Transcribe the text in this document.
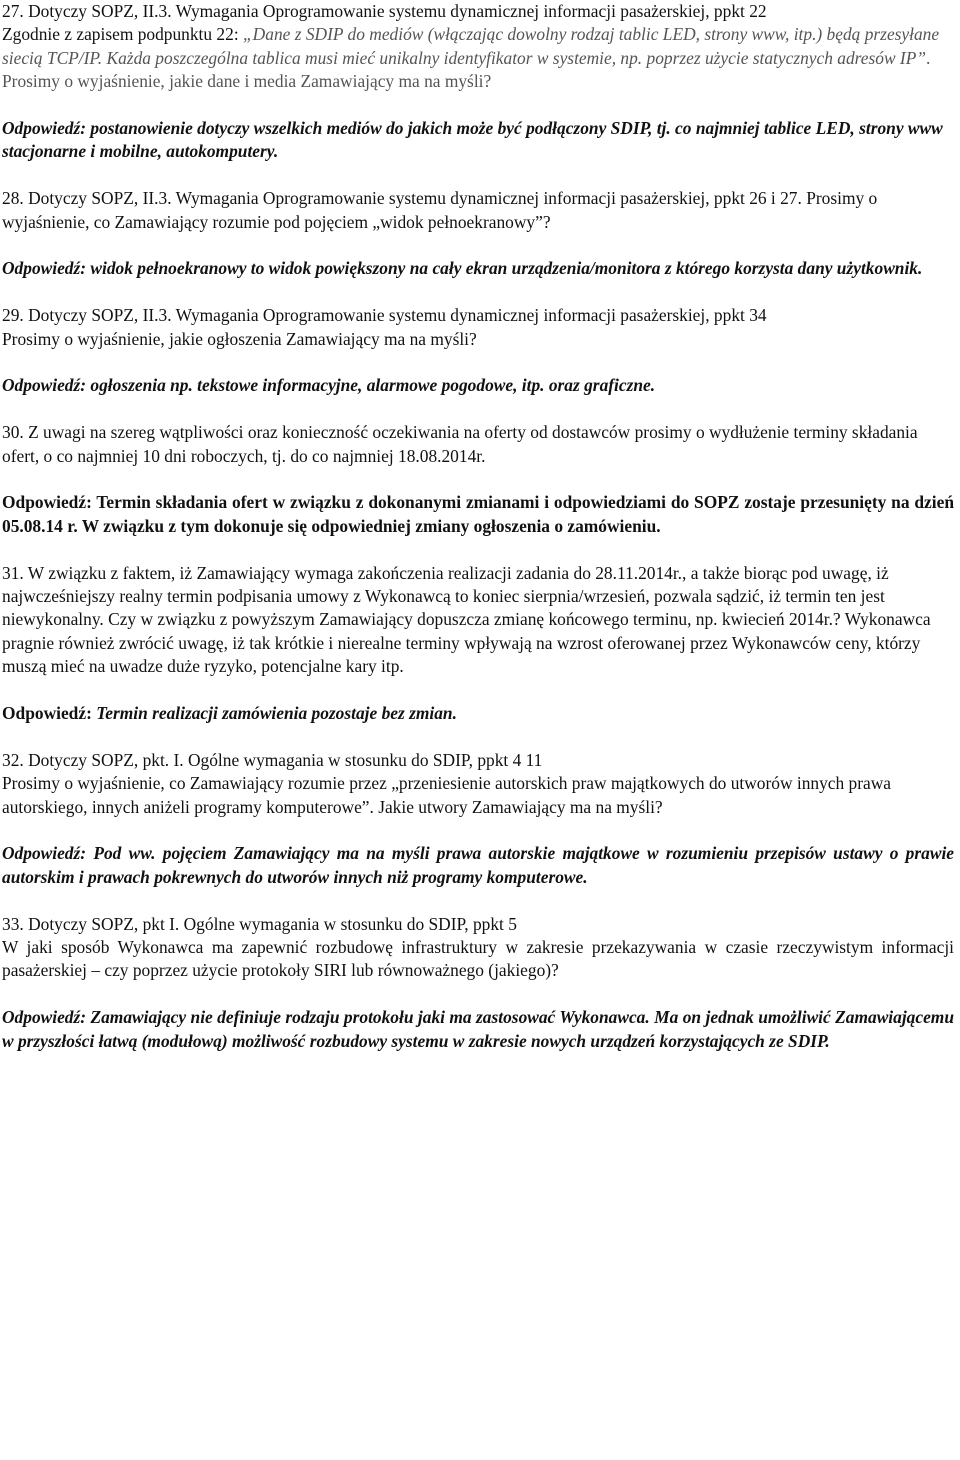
27. Dotyczy SOPZ, II.3. Wymagania Oprogramowanie systemu dynamicznej informacji pasażerskiej, ppkt 22
Zgodnie z zapisem podpunktu 22: „Dane z SDIP do mediów (włączając dowolny rodzaj tablic LED, strony www, itp.) będą przesyłane siecią TCP/IP. Każda poszczególna tablica musi mieć unikalny identyfikator w systemie, np. poprzez użycie statycznych adresów IP”. Prosimy o wyjaśnienie, jakie dane i media Zamawiający ma na myśli?

Odpowiedź: postanowienie dotyczy wszelkich mediów do jakich może być podłączony SDIP, tj. co najmniej tablice LED, strony www stacjonarne i mobilne, autokomputery.

28. Dotyczy SOPZ, II.3. Wymagania Oprogramowanie systemu dynamicznej informacji pasażerskiej, ppkt 26 i 27. Prosimy o wyjaśnienie, co Zamawiający rozumie pod pojęciem „widok pełnoekranowy”?

Odpowiedź: widok pełnoekranowy to widok powiększony na cały ekran urządzenia/monitora z którego korzysta dany użytkownik.

29. Dotyczy SOPZ, II.3. Wymagania Oprogramowanie systemu dynamicznej informacji pasażerskiej, ppkt 34
Prosimy o wyjaśnienie, jakie ogłoszenia Zamawiający ma na myśli?

Odpowiedź: ogłoszenia np. tekstowe informacyjne, alarmowe pogodowe, itp. oraz graficzne.

30. Z uwagi na szereg wątpliwości oraz konieczność oczekiwania na oferty od dostawców prosimy o wydłużenie terminy składania ofert, o co najmniej 10 dni roboczych, tj. do co najmniej 18.08.2014r.

Odpowiedź: Termin składania ofert w związku z dokonanymi zmianami i odpowiedziami do SOPZ zostaje przesunięty na dzień 05.08.14 r. W związku z tym dokonuje się odpowiedniej zmiany ogłoszenia o zamówieniu.

31. W związku z faktem, iż Zamawiający wymaga zakończenia realizacji zadania do 28.11.2014r., a także biorąc pod uwagę, iż najwcześniejszy realny termin podpisania umowy z Wykonawcą to koniec sierpnia/wrzesień, pozwala sądzić, iż termin ten jest niewykonalny. Czy w związku z powyższym Zamawiający dopuszcza zmianę końcowego terminu, np. kwiecień 2014r.? Wykonawca pragnie również zwrócić uwagę, iż tak krótkie i nierealne terminy wpływają na wzrost oferowanej przez Wykonawców ceny, którzy muszą mieć na uwadze duże ryzyko, potencjalne kary itp.

Odpowiedź: Termin realizacji zamówienia pozostaje bez zmian.

32. Dotyczy SOPZ, pkt. I. Ogólne wymagania w stosunku do SDIP, ppkt 4 11
Prosimy o wyjaśnienie, co Zamawiający rozumie przez „przeniesienie autorskich praw majątkowych do utworów innych prawa autorskiego, innych aniżeli programy komputerowe”. Jakie utwory Zamawiający ma na myśli?

Odpowiedź: Pod ww. pojęciem Zamawiający ma na myśli prawa autorskie majątkowe w rozumieniu przepisów ustawy o prawie autorskim i prawach pokrewnych do utworów innych niż programy komputerowe.

33. Dotyczy SOPZ, pkt I. Ogólne wymagania w stosunku do SDIP, ppkt 5
W jaki sposób Wykonawca ma zapewnić rozbudowę infrastruktury w zakresie przekazywania w czasie rzeczywistym informacji pasażerskiej – czy poprzez użycie protokoły SIRI lub równoważnego (jakiego)?

Odpowiedź: Zamawiający nie definiuje rodzaju protokołu jaki ma zastosować Wykonawca. Ma on jednak umożliwić Zamawiającemu w przyszłości łatwą (modułową) możliwość rozbudowy systemu w zakresie nowych urządzeń korzystających ze SDIP.
